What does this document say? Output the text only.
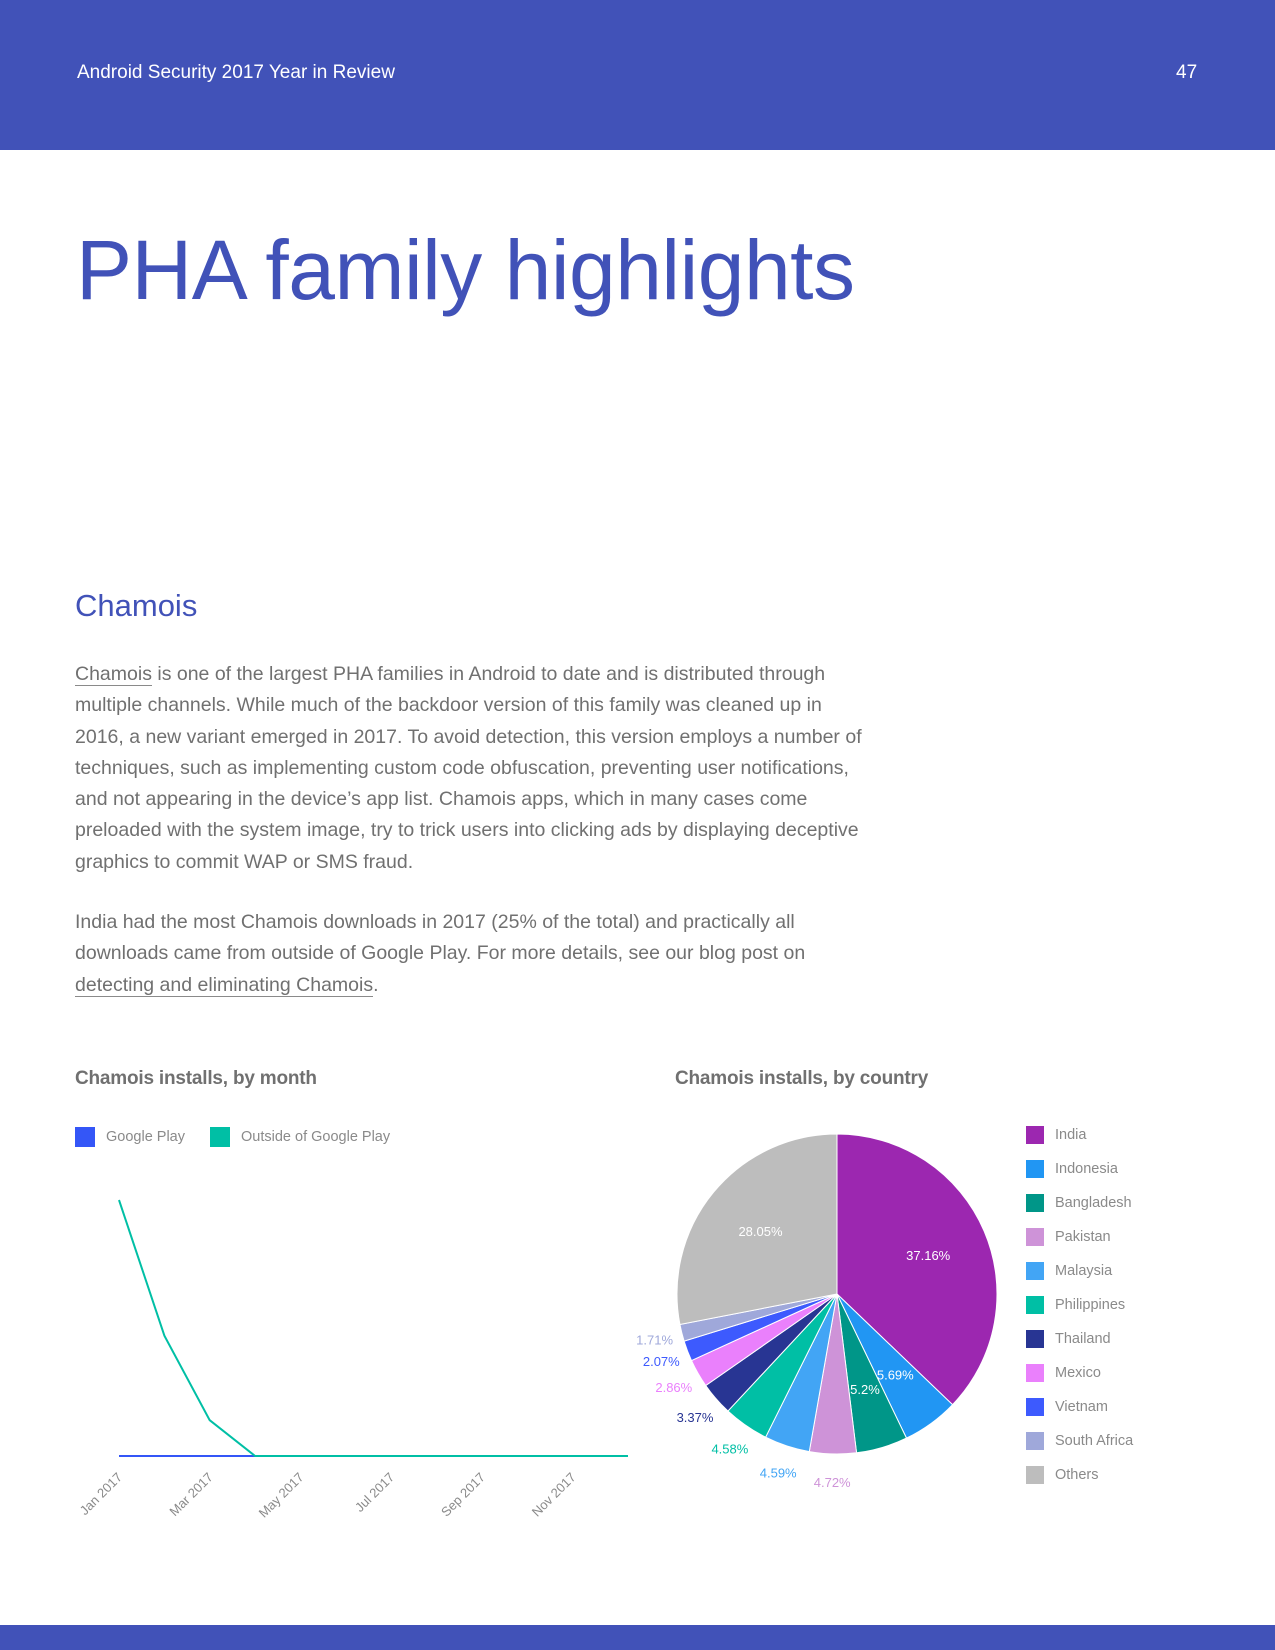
Android Security 2017 Year in Review	47
PHA family highlights
Chamois

Chamois is one of the largest PHA families in Android to date and is distributed through multiple channels. While much of the backdoor version of this family was cleaned up in 2016, a new variant emerged in 2017. To avoid detection, this version employs a number of techniques, such as implementing custom code obfuscation, preventing user notifications, and not appearing in the device’s app list. Chamois apps, which in many cases come preloaded with the system image, try to trick users into clicking ads by displaying deceptive graphics to commit WAP or SMS fraud.

India had the most Chamois downloads in 2017 (25% of the total) and practically all downloads came from outside of Google Play. For more details, see our blog post on detecting and eliminating Chamois.

Chamois installs, by month
Google Play	Outside of Google Play
Jan 2017	Mar 2017	May 2017	Jul 2017	Sep 2017	Nov 2017
Chamois installs, by country
37.16%
5.69%
5.2%
4.72%
4.59%
4.58%
3.37%
2.86%
2.07%
1.71%
28.05%
India
Indonesia
Bangladesh
Pakistan
Malaysia
Philippines
Thailand
Mexico
Vietnam
South Africa
Others
